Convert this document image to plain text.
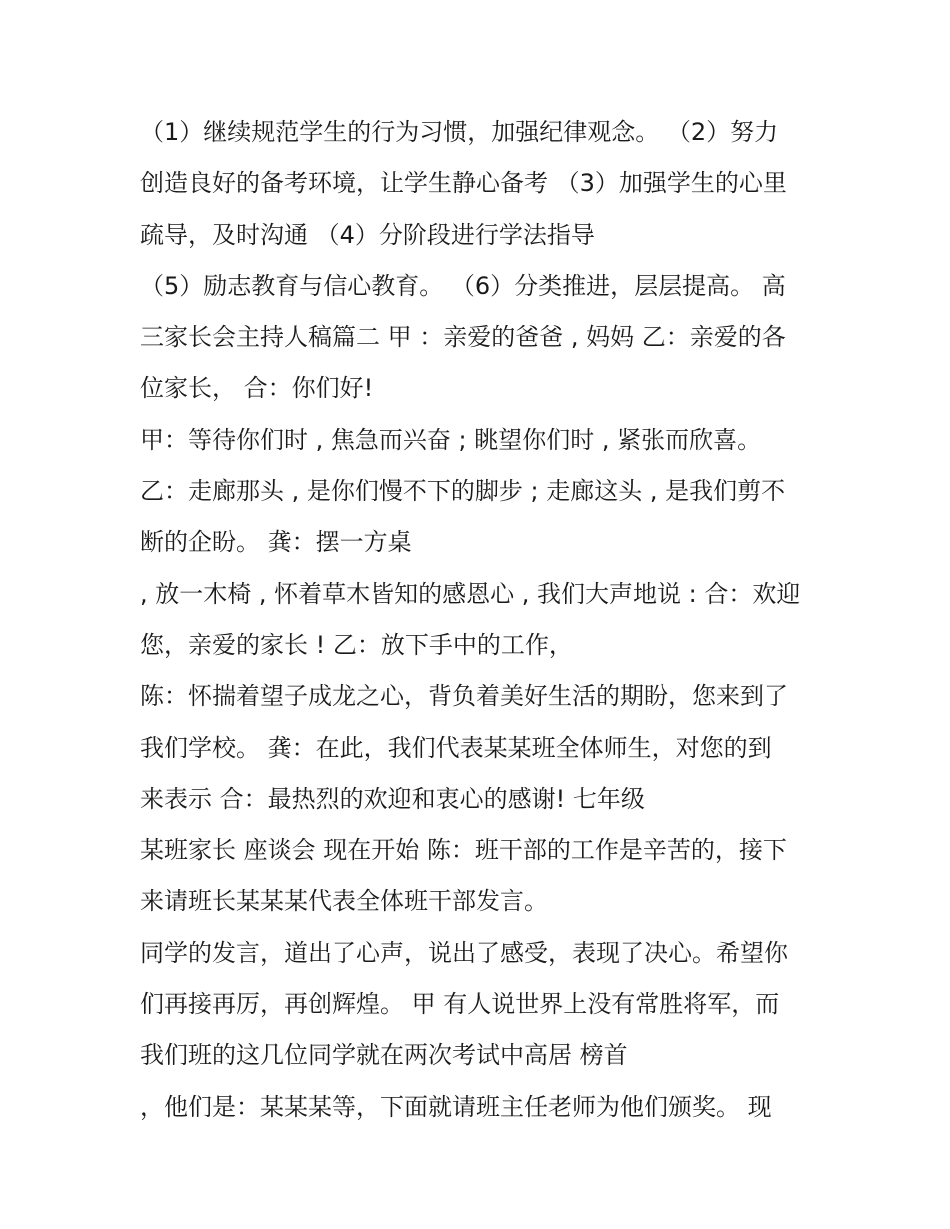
（1）继续规范学生的行为习惯，加强纪律观念。 （2）努力
创造良好的备考环境，让学生静心备考 （3）加强学生的心里
疏导，及时沟通 （4）分阶段进行学法指导
（5）励志教育与信心教育。 （6）分类推进，层层提高。 高
三家长会主持人稿篇二 甲 ：亲爱的爸爸 , 妈妈 乙：亲爱的各
位家长， 合：你们好!
甲：等待你们时 , 焦急而兴奋 ; 眺望你们时 , 紧张而欣喜。
乙：走廊那头 , 是你们慢不下的脚步 ; 走廊这头 , 是我们剪不
断的企盼。 龚：摆一方桌
, 放一木椅 , 怀着草木皆知的感恩心 , 我们大声地说 : 合：欢迎
您，亲爱的家长 ! 乙：放下手中的工作，
陈：怀揣着望子成龙之心，背负着美好生活的期盼，您来到了
我们学校。 龚：在此，我们代表某某班全体师生，对您的到
来表示 合：最热烈的欢迎和衷心的感谢! 七年级
某班家长 座谈会 现在开始 陈：班干部的工作是辛苦的，接下
来请班长某某某代表全体班干部发言。
同学的发言，道出了心声，说出了感受，表现了决心。希望你
们再接再厉，再创辉煌。 甲 有人说世界上没有常胜将军，而
我们班的这几位同学就在两次考试中高居 榜首
，他们是：某某某等，下面就请班主任老师为他们颁奖。 现
